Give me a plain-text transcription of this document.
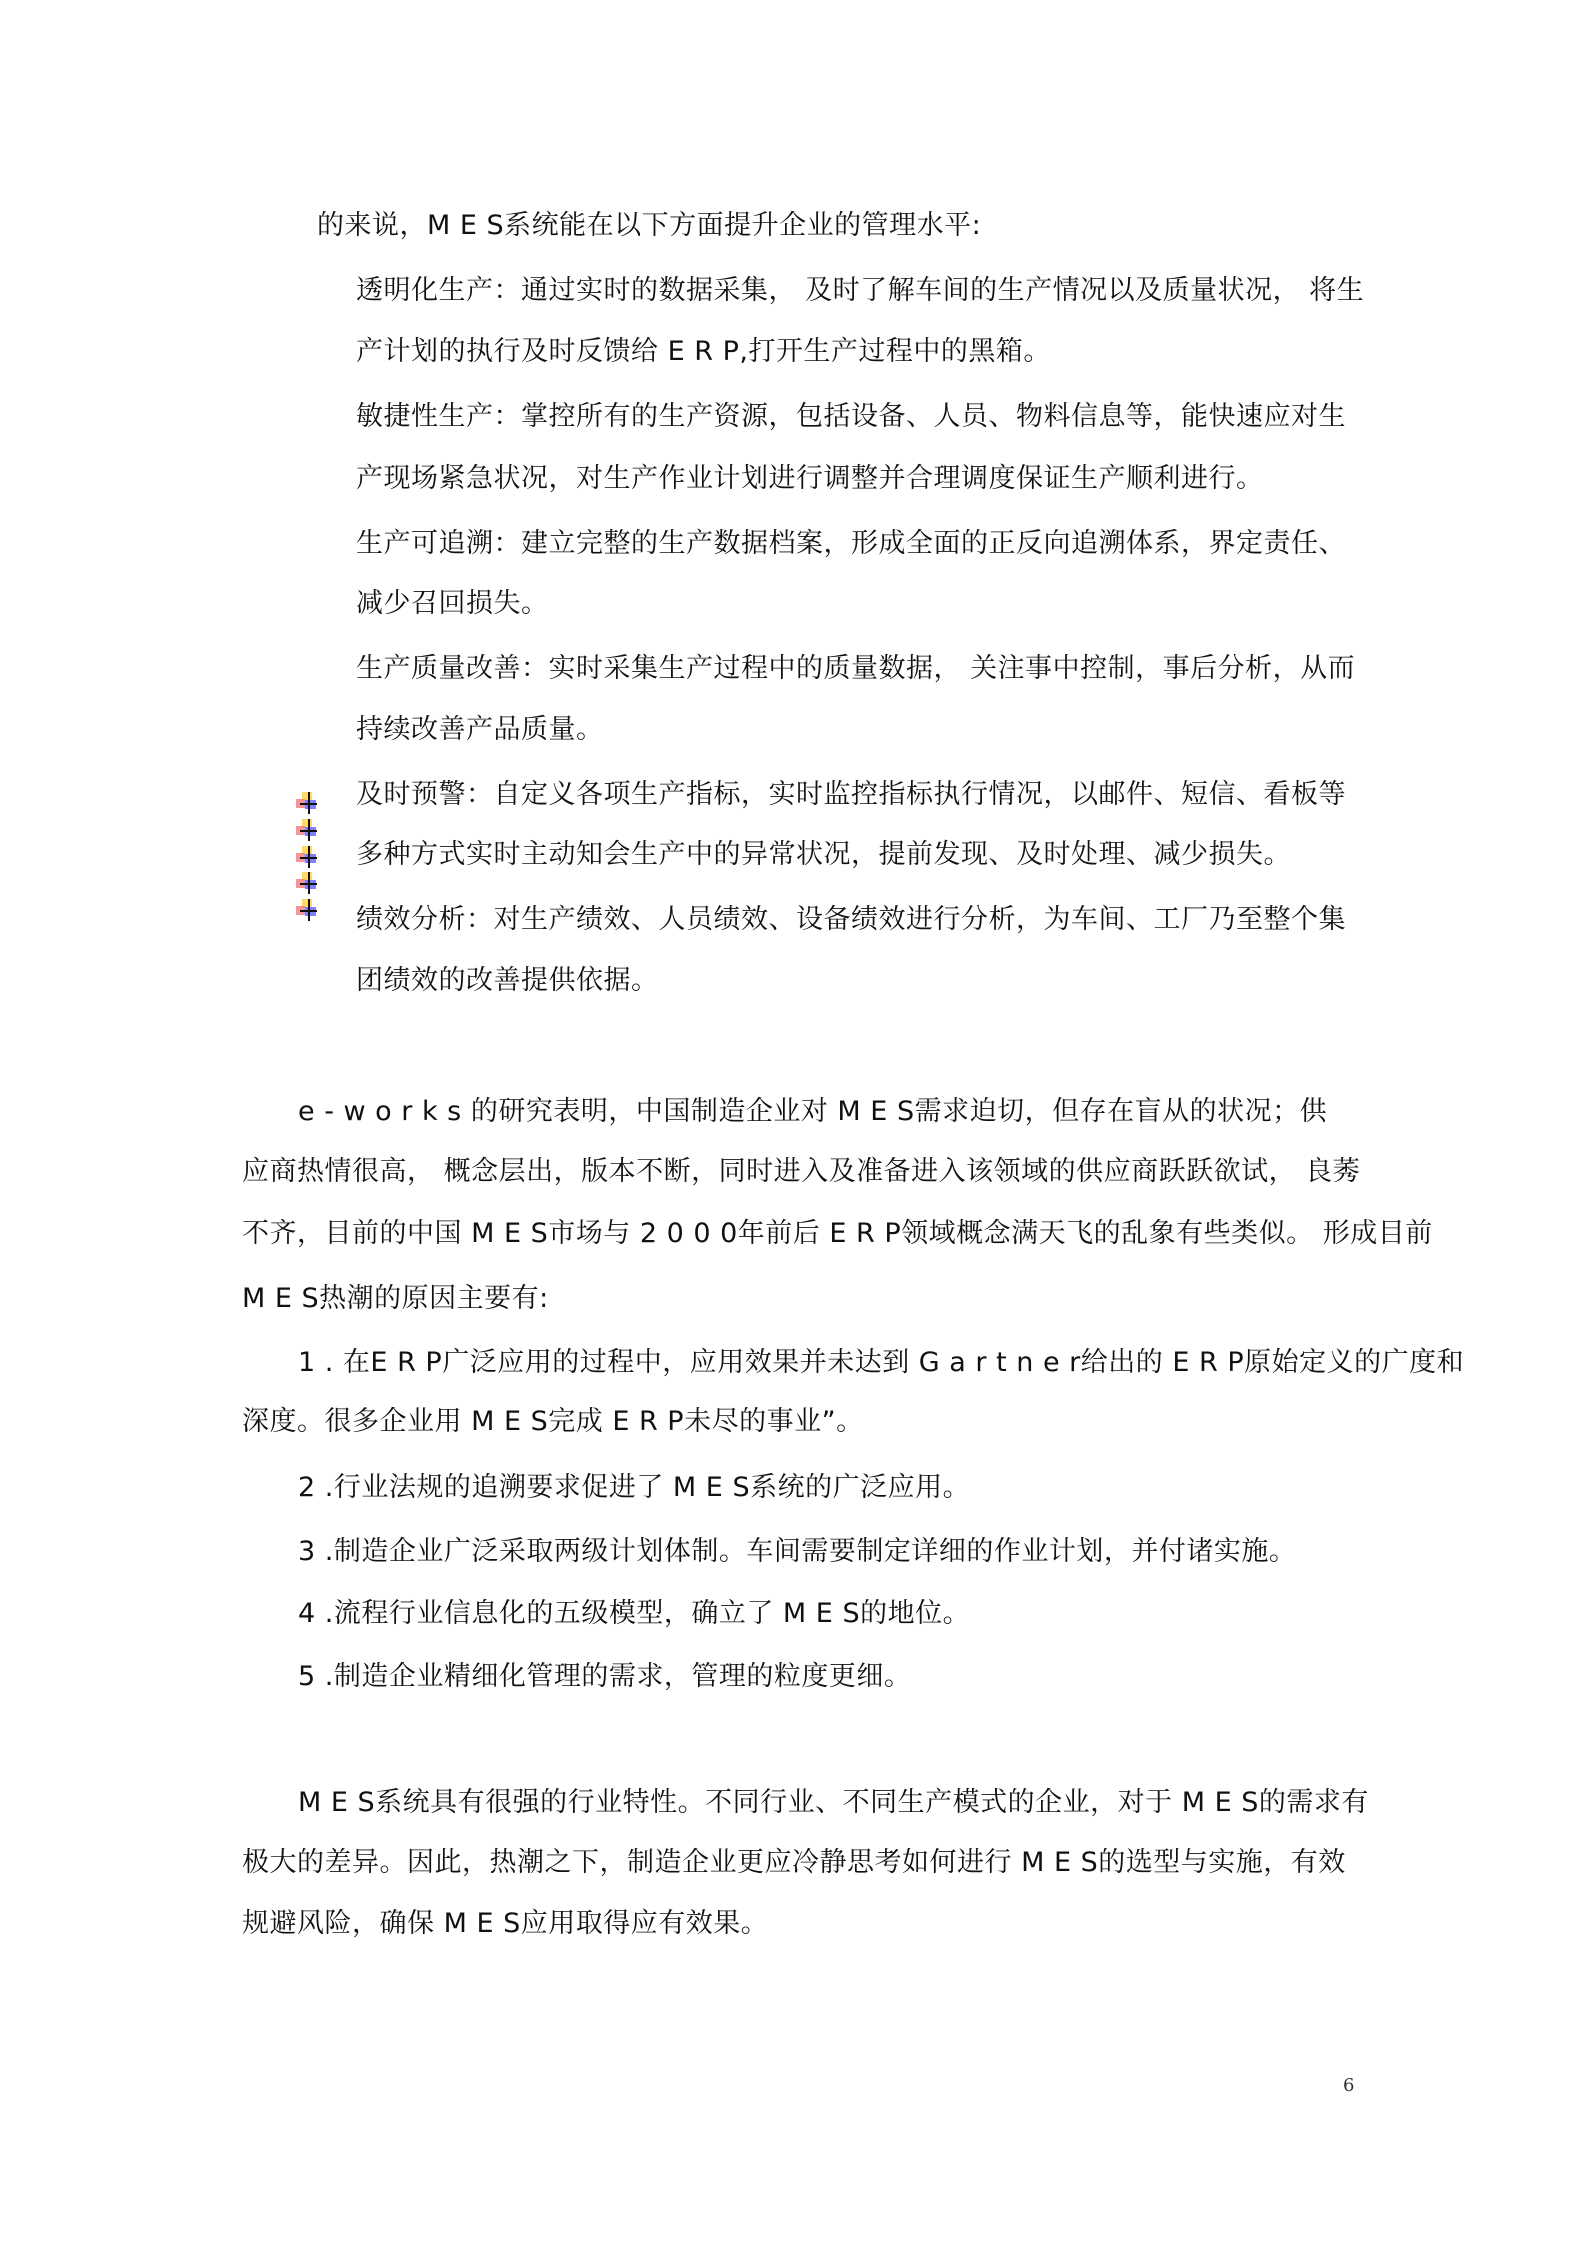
的来说，M E S系统能在以下方面提升企业的管理水平:
透明化生产：通过实时的数据采集， 及时了解车间的生产情况以及质量状况， 将生
产计划的执行及时反馈给 E R P,打开生产过程中的黑箱。
敏捷性生产：掌控所有的生产资源，包括设备、人员、物料信息等，能快速应对生
产现场紧急状况，对生产作业计划进行调整并合理调度保证生产顺利进行。
生产可追溯：建立完整的生产数据档案，形成全面的正反向追溯体系，界定责任、
减少召回损失。
生产质量改善：实时采集生产过程中的质量数据， 关注事中控制，事后分析，从而
持续改善产品质量。
及时预警：自定义各项生产指标，实时监控指标执行情况，以邮件、短信、看板等
多种方式实时主动知会生产中的异常状况，提前发现、及时处理、减少损失。
绩效分析：对生产绩效、人员绩效、设备绩效进行分析，为车间、工厂乃至整个集
团绩效的改善提供依据。
e - w o r k s 的研究表明，中国制造企业对 M E S需求迫切，但存在盲从的状况；供
应商热情很高， 概念层出，版本不断，同时进入及准备进入该领域的供应商跃跃欲试， 良莠
不齐，目前的中国 M E S市场与 2 0 0 0年前后 E R P领域概念满天飞的乱象有些类似。 形成目前
M E S热潮的原因主要有:
1 . 在E R P广泛应用的过程中，应用效果并未达到 G a r t n e r给出的 E R P原始定义的广度和
深度。很多企业用 M E S完成 E R P未尽的事业”。
2 .行业法规的追溯要求促进了 M E S系统的广泛应用。
3 .制造企业广泛采取两级计划体制。车间需要制定详细的作业计划，并付诸实施。
4 .流程行业信息化的五级模型，确立了 M E S的地位。
5 .制造企业精细化管理的需求，管理的粒度更细。
M E S系统具有很强的行业特性。不同行业、不同生产模式的企业，对于 M E S的需求有
极大的差异。因此，热潮之下，制造企业更应冷静思考如何进行 M E S的选型与实施，有效
规避风险，确保 M E S应用取得应有效果。
6
